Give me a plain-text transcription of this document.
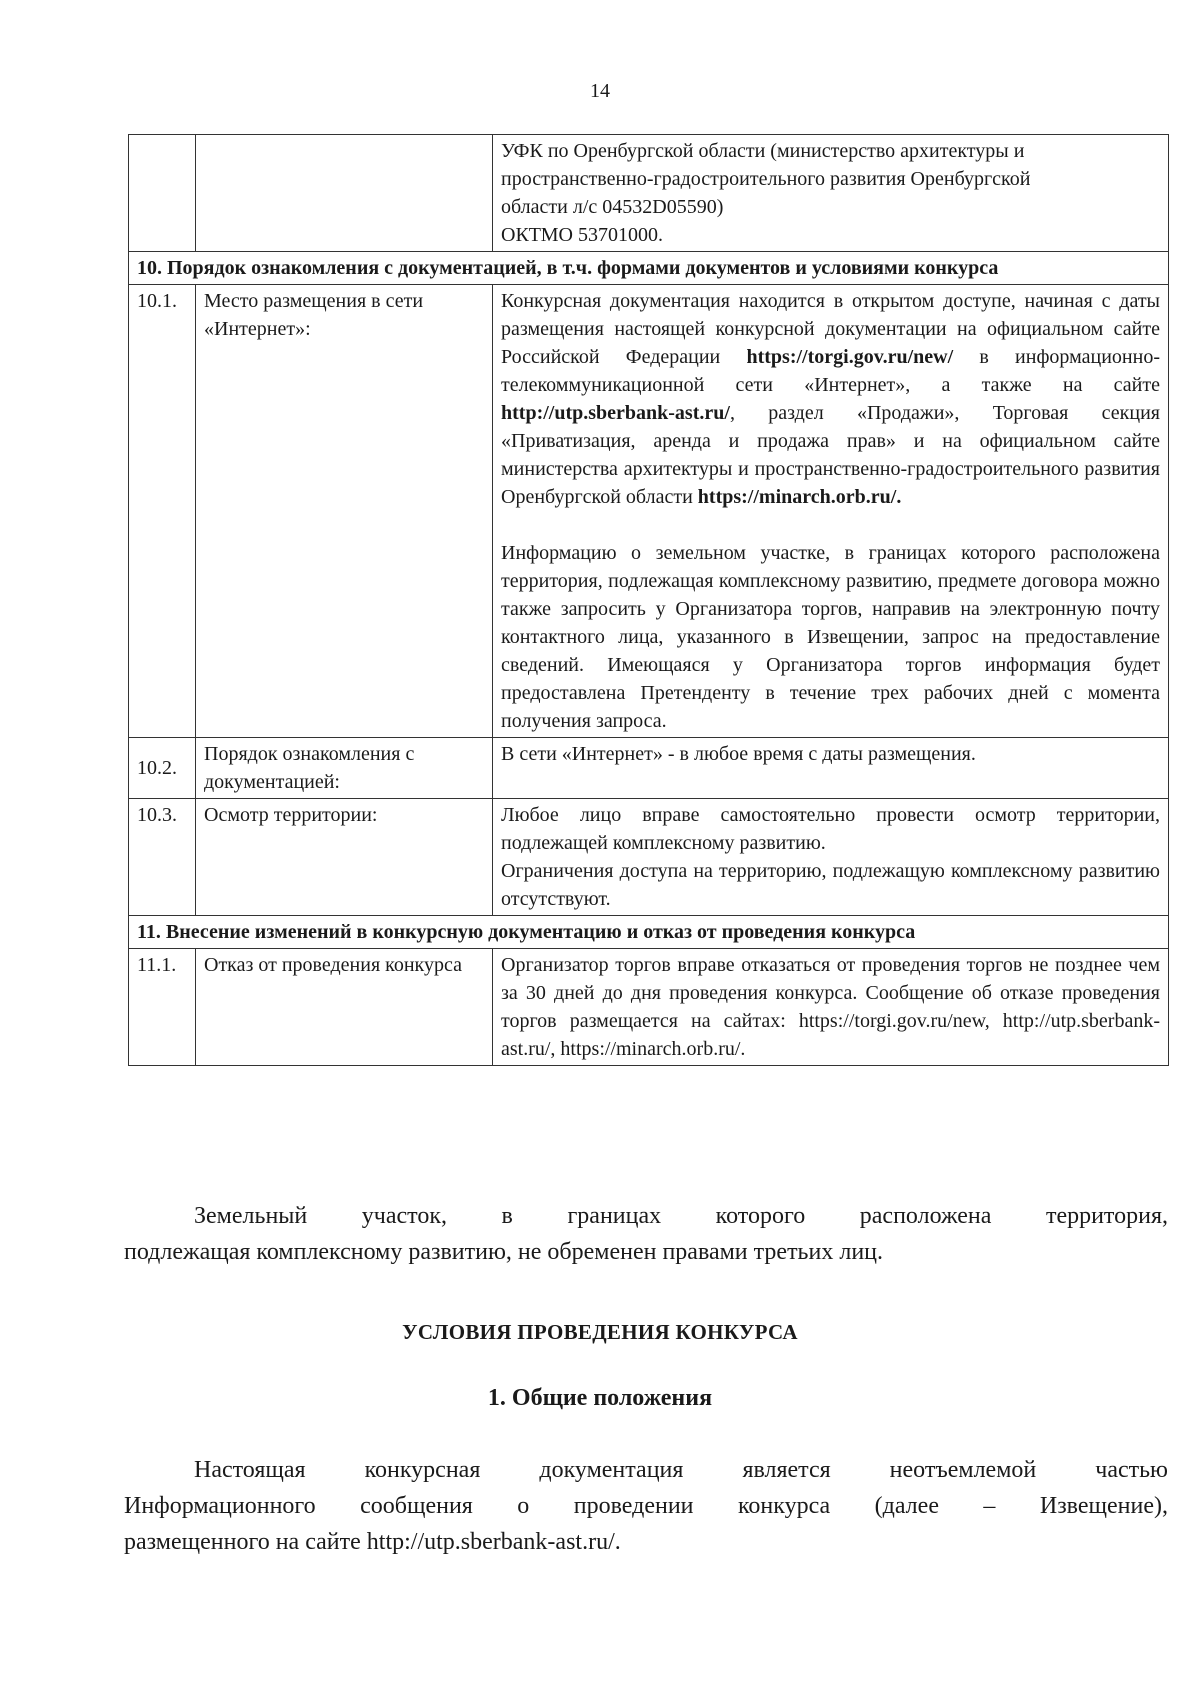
14

		УФК по Оренбургской области (министерство архитектуры и
пространственно-градостроительного развития Оренбургской
области л/с 04532D05590)
ОКТМО 53701000.

10. Порядок ознакомления с документацией, в т.ч. формами документов и условиями конкурса		
10.1.	Место размещения в сети «Интернет»:	Конкурсная документация находится в открытом доступе, начиная с даты размещения настоящей конкурсной документации на официальном сайте Российской Федерации https://torgi.gov.ru/new/ в информационно-телекоммуникационной сети «Интернет», а также на сайте http://utp.sberbank-ast.ru/, раздел «Продажи», Торговая секция «Приватизация, аренда и продажа прав» и на официальном сайте министерства архитектуры и пространственно-градостроительного развития Оренбургской области https://minarch.orb.ru/.
Информацию о земельном участке, в границах которого расположена территория, подлежащая комплексному развитию, предмете договора можно также запросить у Организатора торгов, направив на электронную почту контактного лица, указанного в Извещении, запрос на предоставление сведений. Имеющаяся у Организатора торгов информация будет предоставлена Претенденту в течение трех рабочих дней с момента получения запроса.

10.2.	Порядок ознакомления с документацией:	В сети «Интернет» - в любое время с даты размещения.
10.3.	Осмотр территории:	Любое лицо вправе самостоятельно провести осмотр территории, подлежащей комплексному развитию.
Ограничения доступа на территорию, подлежащую комплексному развитию отсутствуют.

11. Внесение изменений в конкурсную документацию и отказ от проведения конкурса		
11.1.	Отказ от проведения конкурса	Организатор торгов вправе отказаться от проведения торгов не позднее чем за 30 дней до дня проведения конкурса. Сообщение об отказе проведения торгов размещается на сайтах: https://torgi.gov.ru/new, http://utp.sberbank-ast.ru/, https://minarch.orb.ru/.
Земельный участок, в границах которого расположена территория,
подлежащая комплексному развитию, не обременен правами третьих лиц.
УСЛОВИЯ ПРОВЕДЕНИЯ КОНКУРСА
1. Общие положения
Настоящая конкурсная документация является неотъемлемой частью
Информационного сообщения о проведении конкурса (далее – Извещение),
размещенного на сайте http://utp.sberbank-ast.ru/.
